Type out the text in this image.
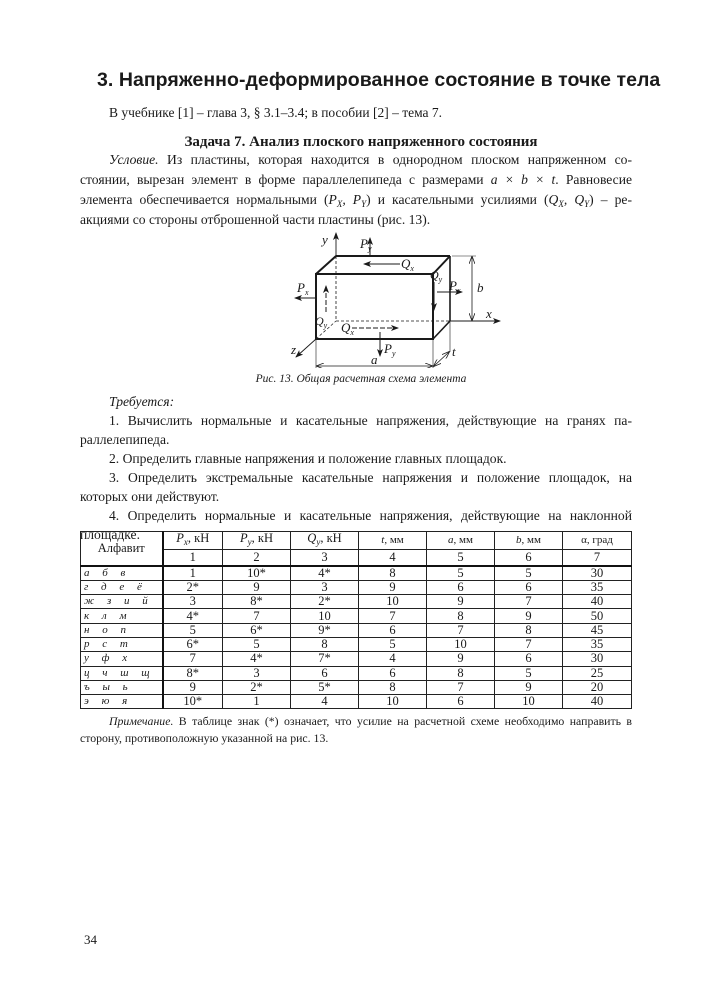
3. Напряженно-деформированное состояние в точке тела
В учебнике [1] – глава 3, § 3.1–3.4; в пособии [2] – тема 7.
Задача 7. Анализ плоского напряженного состояния
Условие. Из пластины, которая находится в однородном плоском напряженном со-
стоянии, вырезан элемент в форме параллелепипеда с размерами a × b × t. Равновесие
элемента обеспечивается нормальными ($P_X$, $P_Y$) и касательными усилиями ($Q_X$, $Q_Y) - ре-$
акциями со стороны отброшенной части пластины (рис. 13).
y
x
z
$P_y$
$Q_x$ $Q_y$ $P_x$
$P_x$
$Q_y$ $Q_x$
$P_y$
b
a
t
Рис. 13. Общая расчетная схема элемента
Требуется:
1. Вычислить нормальные и касательные напряжения, действующие на гранях па-
раллелепипеда.
2. Определить главные напряжения и положение главных площадок.
3. Определить экстремальные касательные напряжения и положение площадок, на
которых они действуют.
4. Определить нормальные и касательные напряжения, действующие на наклонной
площадке.
Алфавит	$P_x$, кН	$P_y$, кН	$Q_y$, кН	t, мм	a, мм	b, мм	α, град
	1	2	3	4	5	6	7
а б в	1	10*	4*	8	5	5	30
г д е ё	2*	9	3	9	6	6	35
ж з и й	3	8*	2*	10	9	7	40
к л м	4*	7	10	7	8	9	50
н о п	5	6*	9*	6	7	8	45
р с т	6*	5	8	5	10	7	35
у ф х	7	4*	7*	4	9	6	30
ц ч ш щ	8*	3	6	6	8	5	25
ъ ы ь	9	2*	5*	8	7	9	20
э ю я	10*	1	4	10	6	10	40
Примечание. В таблице знак (*) означает, что усилие на расчетной схеме необходимо направить в
сторону, противоположную указанной на рис. 13.
34
